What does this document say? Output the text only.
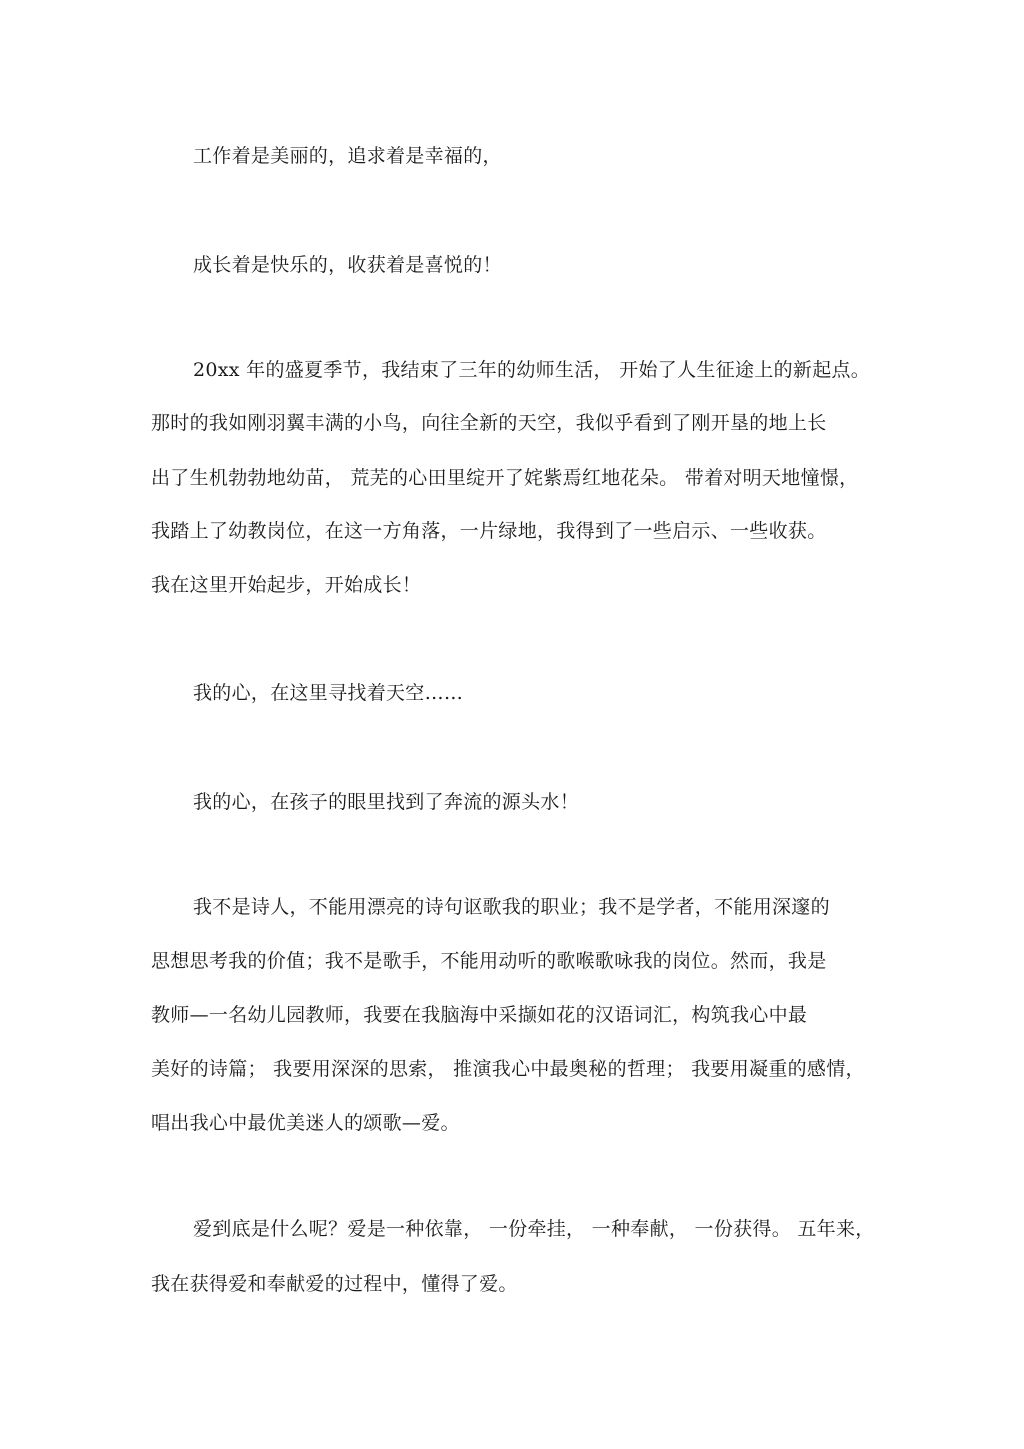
工作着是美丽的，追求着是幸福的，
成长着是快乐的，收获着是喜悦的！
20xx 年的盛夏季节，我结束了三年的幼师生活， 开始了人生征途上的新起点。
那时的我如刚羽翼丰满的小鸟，向往全新的天空，我似乎看到了刚开垦的地上长
出了生机勃勃地幼苗， 荒芜的心田里绽开了姹紫焉红地花朵。 带着对明天地憧憬，
我踏上了幼教岗位，在这一方角落，一片绿地，我得到了一些启示、一些收获。
我在这里开始起步，开始成长！
我的心，在这里寻找着天空……
我的心，在孩子的眼里找到了奔流的源头水！
我不是诗人，不能用漂亮的诗句讴歌我的职业；我不是学者，不能用深邃的
思想思考我的价值；我不是歌手，不能用动听的歌喉歌咏我的岗位。然而，我是
教师—一名幼儿园教师，我要在我脑海中采撷如花的汉语词汇，构筑我心中最
美好的诗篇； 我要用深深的思索， 推演我心中最奥秘的哲理； 我要用凝重的感情，
唱出我心中最优美迷人的颂歌—爱。
爱到底是什么呢？爱是一种依靠， 一份牵挂， 一种奉献， 一份获得。 五年来，
我在获得爱和奉献爱的过程中，懂得了爱。
